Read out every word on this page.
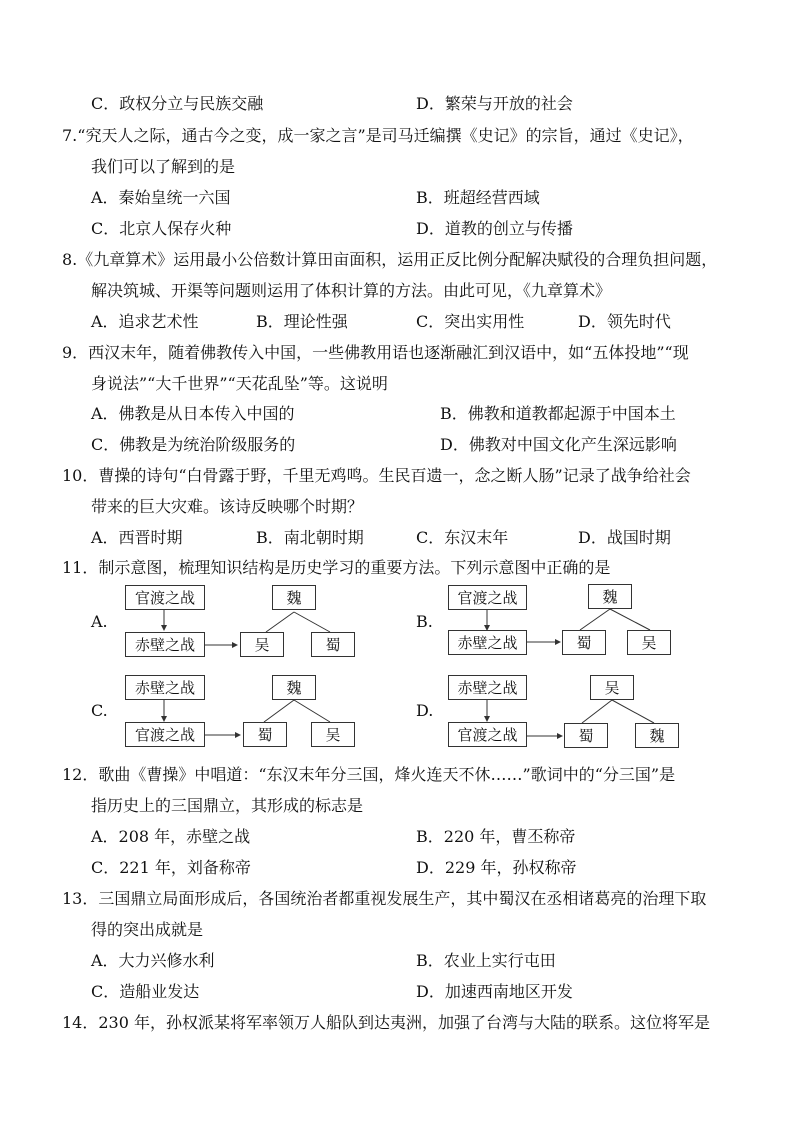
C．政权分立与民族交融	D．繁荣与开放的社会
7.“究天人之际，通古今之变，成一家之言”是司马迁编撰《史记》的宗旨，通过《史记》，
我们可以了解到的是
A．秦始皇统一六国	B．班超经营西域
C．北京人保存火种	D．道教的创立与传播
8.《九章算术》运用最小公倍数计算田亩面积，运用正反比例分配解决赋役的合理负担问题，
解决筑城、开渠等问题则运用了体积计算的方法。由此可见，《九章算术》
A．追求艺术性	B．理论性强	C．突出实用性	D．领先时代
9．西汉末年，随着佛教传入中国，一些佛教用语也逐渐融汇到汉语中，如“五体投地”“现
身说法”“大千世界”“天花乱坠”等。这说明
A．佛教是从日本传入中国的	B．佛教和道教都起源于中国本土
C．佛教是为统治阶级服务的	D．佛教对中国文化产生深远影响
10．曹操的诗句“白骨露于野，千里无鸡鸣。生民百遗一，念之断人肠”记录了战争给社会
带来的巨大灾难。该诗反映哪个时期？
A．西晋时期	B．南北朝时期	C．东汉末年	D．战国时期
11．制示意图，梳理知识结构是历史学习的重要方法。下列示意图中正确的是
A.
官渡之战
赤壁之战
魏
吴	蜀
B.
官渡之战
赤壁之战
魏
蜀	吴
C.
赤壁之战
官渡之战
魏
蜀	吴
D.
赤壁之战
官渡之战
吴
蜀	魏
12．歌曲《曹操》中唱道：“东汉末年分三国，烽火连天不休……”歌词中的“分三国”是
指历史上的三国鼎立，其形成的标志是
A．208 年，赤壁之战	B．220 年，曹丕称帝
C．221 年，刘备称帝	D．229 年，孙权称帝
13．三国鼎立局面形成后，各国统治者都重视发展生产，其中蜀汉在丞相诸葛亮的治理下取
得的突出成就是
A．大力兴修水利	B．农业上实行屯田
C．造船业发达	D．加速西南地区开发
14．230 年，孙权派某将军率领万人船队到达夷洲，加强了台湾与大陆的联系。这位将军是
